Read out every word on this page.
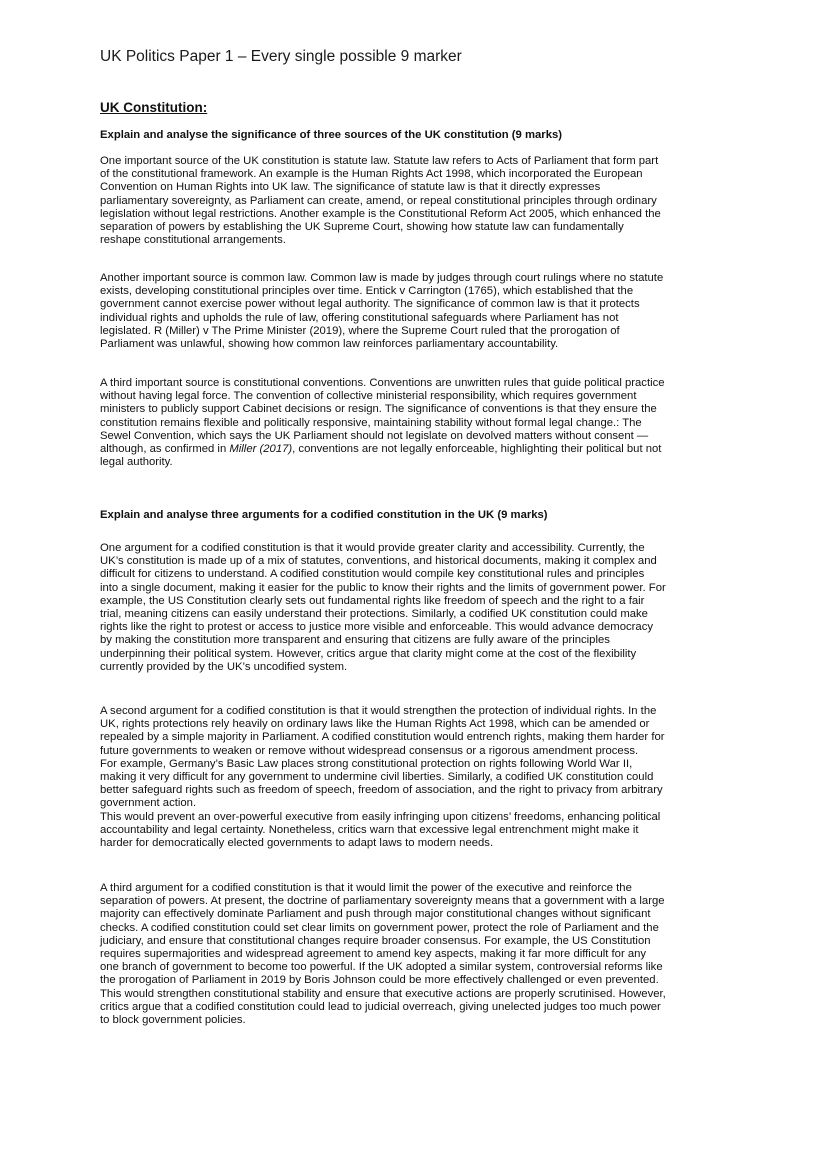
UK Politics Paper 1 – Every single possible 9 marker
UK Constitution:
Explain and analyse the significance of three sources of the UK constitution (9 marks)
One important source of the UK constitution is statute law. Statute law refers to Acts of Parliament that form part
of the constitutional framework. An example is the Human Rights Act 1998, which incorporated the European
Convention on Human Rights into UK law. The significance of statute law is that it directly expresses
parliamentary sovereignty, as Parliament can create, amend, or repeal constitutional principles through ordinary
legislation without legal restrictions. Another example is the Constitutional Reform Act 2005, which enhanced the
separation of powers by establishing the UK Supreme Court, showing how statute law can fundamentally
reshape constitutional arrangements.
Another important source is common law. Common law is made by judges through court rulings where no statute
exists, developing constitutional principles over time. Entick v Carrington (1765), which established that the
government cannot exercise power without legal authority. The significance of common law is that it protects
individual rights and upholds the rule of law, offering constitutional safeguards where Parliament has not
legislated. R (Miller) v The Prime Minister (2019), where the Supreme Court ruled that the prorogation of
Parliament was unlawful, showing how common law reinforces parliamentary accountability.
A third important source is constitutional conventions. Conventions are unwritten rules that guide political practice
without having legal force. The convention of collective ministerial responsibility, which requires government
ministers to publicly support Cabinet decisions or resign. The significance of conventions is that they ensure the
constitution remains flexible and politically responsive, maintaining stability without formal legal change.: The
Sewel Convention, which says the UK Parliament should not legislate on devolved matters without consent —
although, as confirmed in Miller (2017), conventions are not legally enforceable, highlighting their political but not
legal authority.
Explain and analyse three arguments for a codified constitution in the UK (9 marks)
One argument for a codified constitution is that it would provide greater clarity and accessibility. Currently, the
UK’s constitution is made up of a mix of statutes, conventions, and historical documents, making it complex and
difficult for citizens to understand. A codified constitution would compile key constitutional rules and principles
into a single document, making it easier for the public to know their rights and the limits of government power. For
example, the US Constitution clearly sets out fundamental rights like freedom of speech and the right to a fair
trial, meaning citizens can easily understand their protections. Similarly, a codified UK constitution could make
rights like the right to protest or access to justice more visible and enforceable. This would advance democracy
by making the constitution more transparent and ensuring that citizens are fully aware of the principles
underpinning their political system. However, critics argue that clarity might come at the cost of the flexibility
currently provided by the UK’s uncodified system.
A second argument for a codified constitution is that it would strengthen the protection of individual rights. In the
UK, rights protections rely heavily on ordinary laws like the Human Rights Act 1998, which can be amended or
repealed by a simple majority in Parliament. A codified constitution would entrench rights, making them harder for
future governments to weaken or remove without widespread consensus or a rigorous amendment process.
For example, Germany’s Basic Law places strong constitutional protection on rights following World War II,
making it very difficult for any government to undermine civil liberties. Similarly, a codified UK constitution could
better safeguard rights such as freedom of speech, freedom of association, and the right to privacy from arbitrary
government action.
This would prevent an over-powerful executive from easily infringing upon citizens’ freedoms, enhancing political
accountability and legal certainty. Nonetheless, critics warn that excessive legal entrenchment might make it
harder for democratically elected governments to adapt laws to modern needs.
A third argument for a codified constitution is that it would limit the power of the executive and reinforce the
separation of powers. At present, the doctrine of parliamentary sovereignty means that a government with a large
majority can effectively dominate Parliament and push through major constitutional changes without significant
checks. A codified constitution could set clear limits on government power, protect the role of Parliament and the
judiciary, and ensure that constitutional changes require broader consensus. For example, the US Constitution
requires supermajorities and widespread agreement to amend key aspects, making it far more difficult for any
one branch of government to become too powerful. If the UK adopted a similar system, controversial reforms like
the prorogation of Parliament in 2019 by Boris Johnson could be more effectively challenged or even prevented.
This would strengthen constitutional stability and ensure that executive actions are properly scrutinised. However,
critics argue that a codified constitution could lead to judicial overreach, giving unelected judges too much power
to block government policies.
